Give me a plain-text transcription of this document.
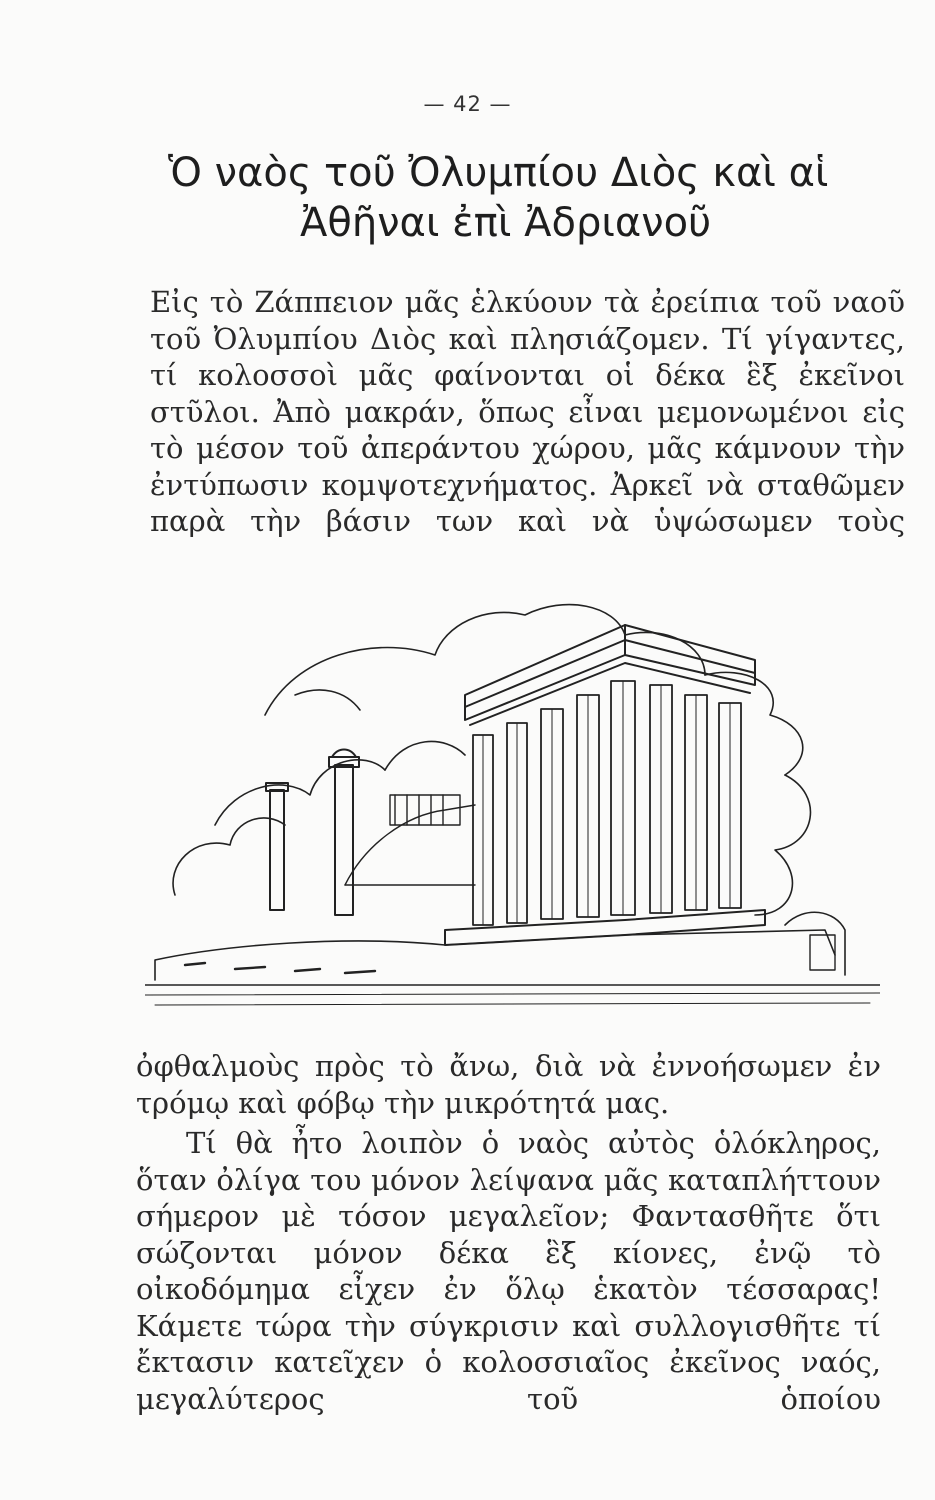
— 42 —
Ὁ ναὸς τοῦ Ὀλυμπίου Διὸς καὶ αἱ
Ἀθῆναι ἐπὶ Ἀδριανοῦ

Εἰς τὸ Ζάππειον μᾶς ἑλκύουν τὰ ἐρείπια τοῦ ναοῦ τοῦ Ὀλυμπίου Διὸς καὶ πλησιάζομεν. Τί γίγαντες, τί κολοσσοὶ μᾶς φαίνονται οἱ δέκα ἓξ ἐκεῖνοι στῦλοι. Ἀπὸ μακράν, ὅπως εἶναι μεμονωμένοι εἰς τὸ μέσον τοῦ ἀπεράντου χώρου, μᾶς κάμνουν τὴν ἐντύπωσιν κομψοτεχνήματος. Ἀρκεῖ νὰ σταθῶμεν παρὰ τὴν βάσιν των καὶ νὰ ὑψώσωμεν τοὺς

ὀφθαλμοὺς πρὸς τὸ ἄνω, διὰ νὰ ἐννοήσωμεν ἐν τρόμῳ καὶ φόβῳ τὴν μικρότητά μας.

Τί θὰ ἦτο λοιπὸν ὁ ναὸς αὐτὸς ὁλόκληρος, ὅταν ὀλίγα του μόνον λείψανα μᾶς καταπλήττουν σήμερον μὲ τόσον μεγαλεῖον; Φαντασθῆτε ὅτι σώζονται μόνον δέκα ἓξ κίονες, ἐνῷ τὸ οἰκοδόμημα εἶχεν ἐν ὅλῳ ἑκατὸν τέσσαρας! Κάμετε τώρα τὴν σύγκρισιν καὶ συλλογισθῆτε τί ἔκτασιν κατεῖχεν ὁ κολοσσιαῖος ἐκεῖνος ναός, μεγαλύτερος τοῦ ὁποίου
